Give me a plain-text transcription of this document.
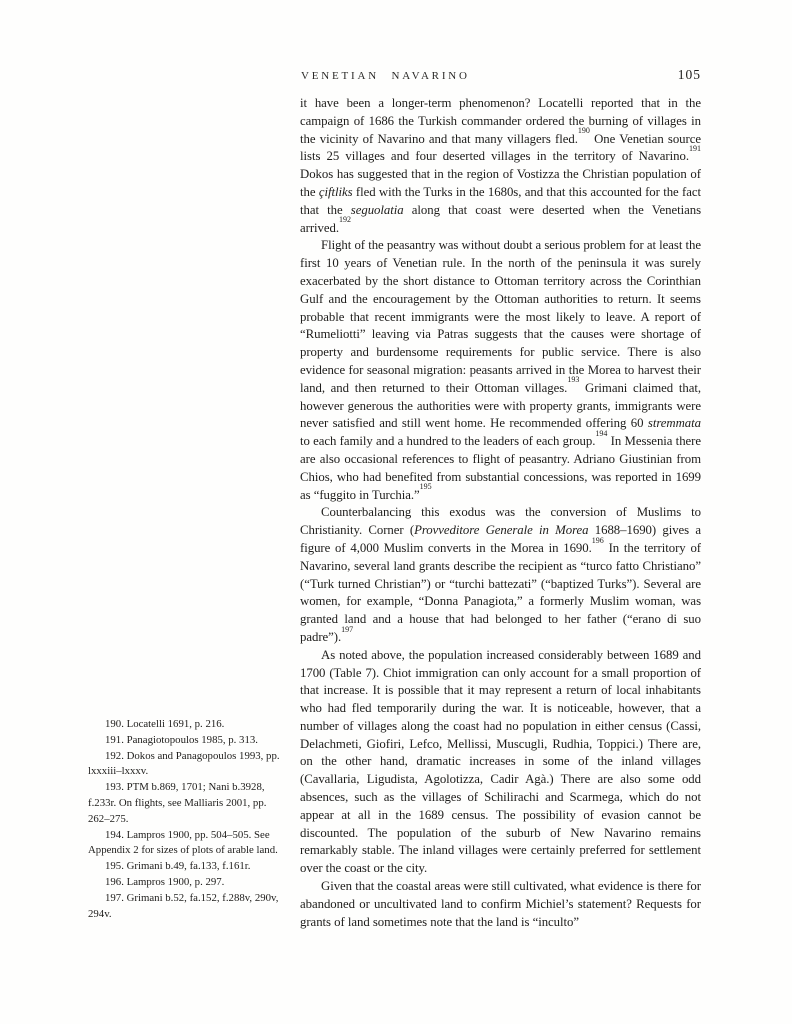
VENETIAN NAVARINO	105

it have been a longer-term phenomenon? Locatelli reported that in the campaign of 1686 the Turkish commander ordered the burning of villages in the vicinity of Navarino and that many villagers fled.$^{190}$ One Venetian source lists 25 villages and four deserted villages in the territory of Navarino.$^{191}$ Dokos has suggested that in the region of Vostizza the Christian population of the çiftliks fled with the Turks in the 1680s, and that this accounted for the fact that the seguolatia along that coast were deserted when the Venetians arrived.$^{192}$

Flight of the peasantry was without doubt a serious problem for at least the first 10 years of Venetian rule. In the north of the peninsula it was surely exacerbated by the short distance to Ottoman territory across the Corinthian Gulf and the encouragement by the Ottoman authorities to return. It seems probable that recent immigrants were the most likely to leave. A report of “Rumeliotti” leaving via Patras suggests that the causes were shortage of property and burdensome requirements for public service. There is also evidence for seasonal migration: peasants arrived in the Morea to harvest their land, and then returned to their Ottoman villages.$^{193}$ Grimani claimed that, however generous the authorities were with property grants, immigrants were never satisfied and still went home. He recommended offering 60 stremmata to each family and a hundred to the leaders of each group.$^{194}$ In Messenia there are also occasional references to flight of peasantry. Adriano Giustinian from Chios, who had benefited from substantial concessions, was reported in 1699 as “fuggito in Turchia.”$^{195}$

Counterbalancing this exodus was the conversion of Muslims to Christianity. Corner (Provveditore Generale in Morea 1688–1690) gives a figure of 4,000 Muslim converts in the Morea in 1690.$^{196}$ In the territory of Navarino, several land grants describe the recipient as “turco fatto Christiano” (“Turk turned Christian”) or “turchi battezati” (“baptized Turks”). Several are women, for example, “Donna Panagiota,” a formerly Muslim woman, was granted land and a house that had belonged to her father (“erano di suo padre”).$^{197}$

As noted above, the population increased considerably between 1689 and 1700 (Table 7). Chiot immigration can only account for a small proportion of that increase. It is possible that it may represent a return of local inhabitants who had fled temporarily during the war. It is noticeable, however, that a number of villages along the coast had no population in either census (Cassi, Delachmeti, Giofiri, Lefco, Mellissi, Muscugli, Rudhia, Toppici.) There are, on the other hand, dramatic increases in some of the inland villages (Cavallaria, Ligudista, Agolotizza, Cadir Agà.) There are also some odd absences, such as the villages of Schilirachi and Scarmega, which do not appear at all in the 1689 census. The possibility of evasion cannot be discounted. The population of the suburb of New Navarino remains remarkably stable. The inland villages were certainly preferred for settlement over the coast or the city.

Given that the coastal areas were still cultivated, what evidence is there for abandoned or uncultivated land to confirm Michiel’s statement? Requests for grants of land sometimes note that the land is “inculto”

190. Locatelli 1691, p. 216.

191. Panagiotopoulos 1985, p. 313.

192. Dokos and Panagopoulos 1993, pp. lxxxiii–lxxxv.

193. PTM b.869, 1701; Nani b.3928, f.233r. On flights, see Malliaris 2001, pp. 262–275.

194. Lampros 1900, pp. 504–505. See Appendix 2 for sizes of plots of arable land.

195. Grimani b.49, fa.133, f.161r.

196. Lampros 1900, p. 297.

197. Grimani b.52, fa.152, f.288v, 290v, 294v.
